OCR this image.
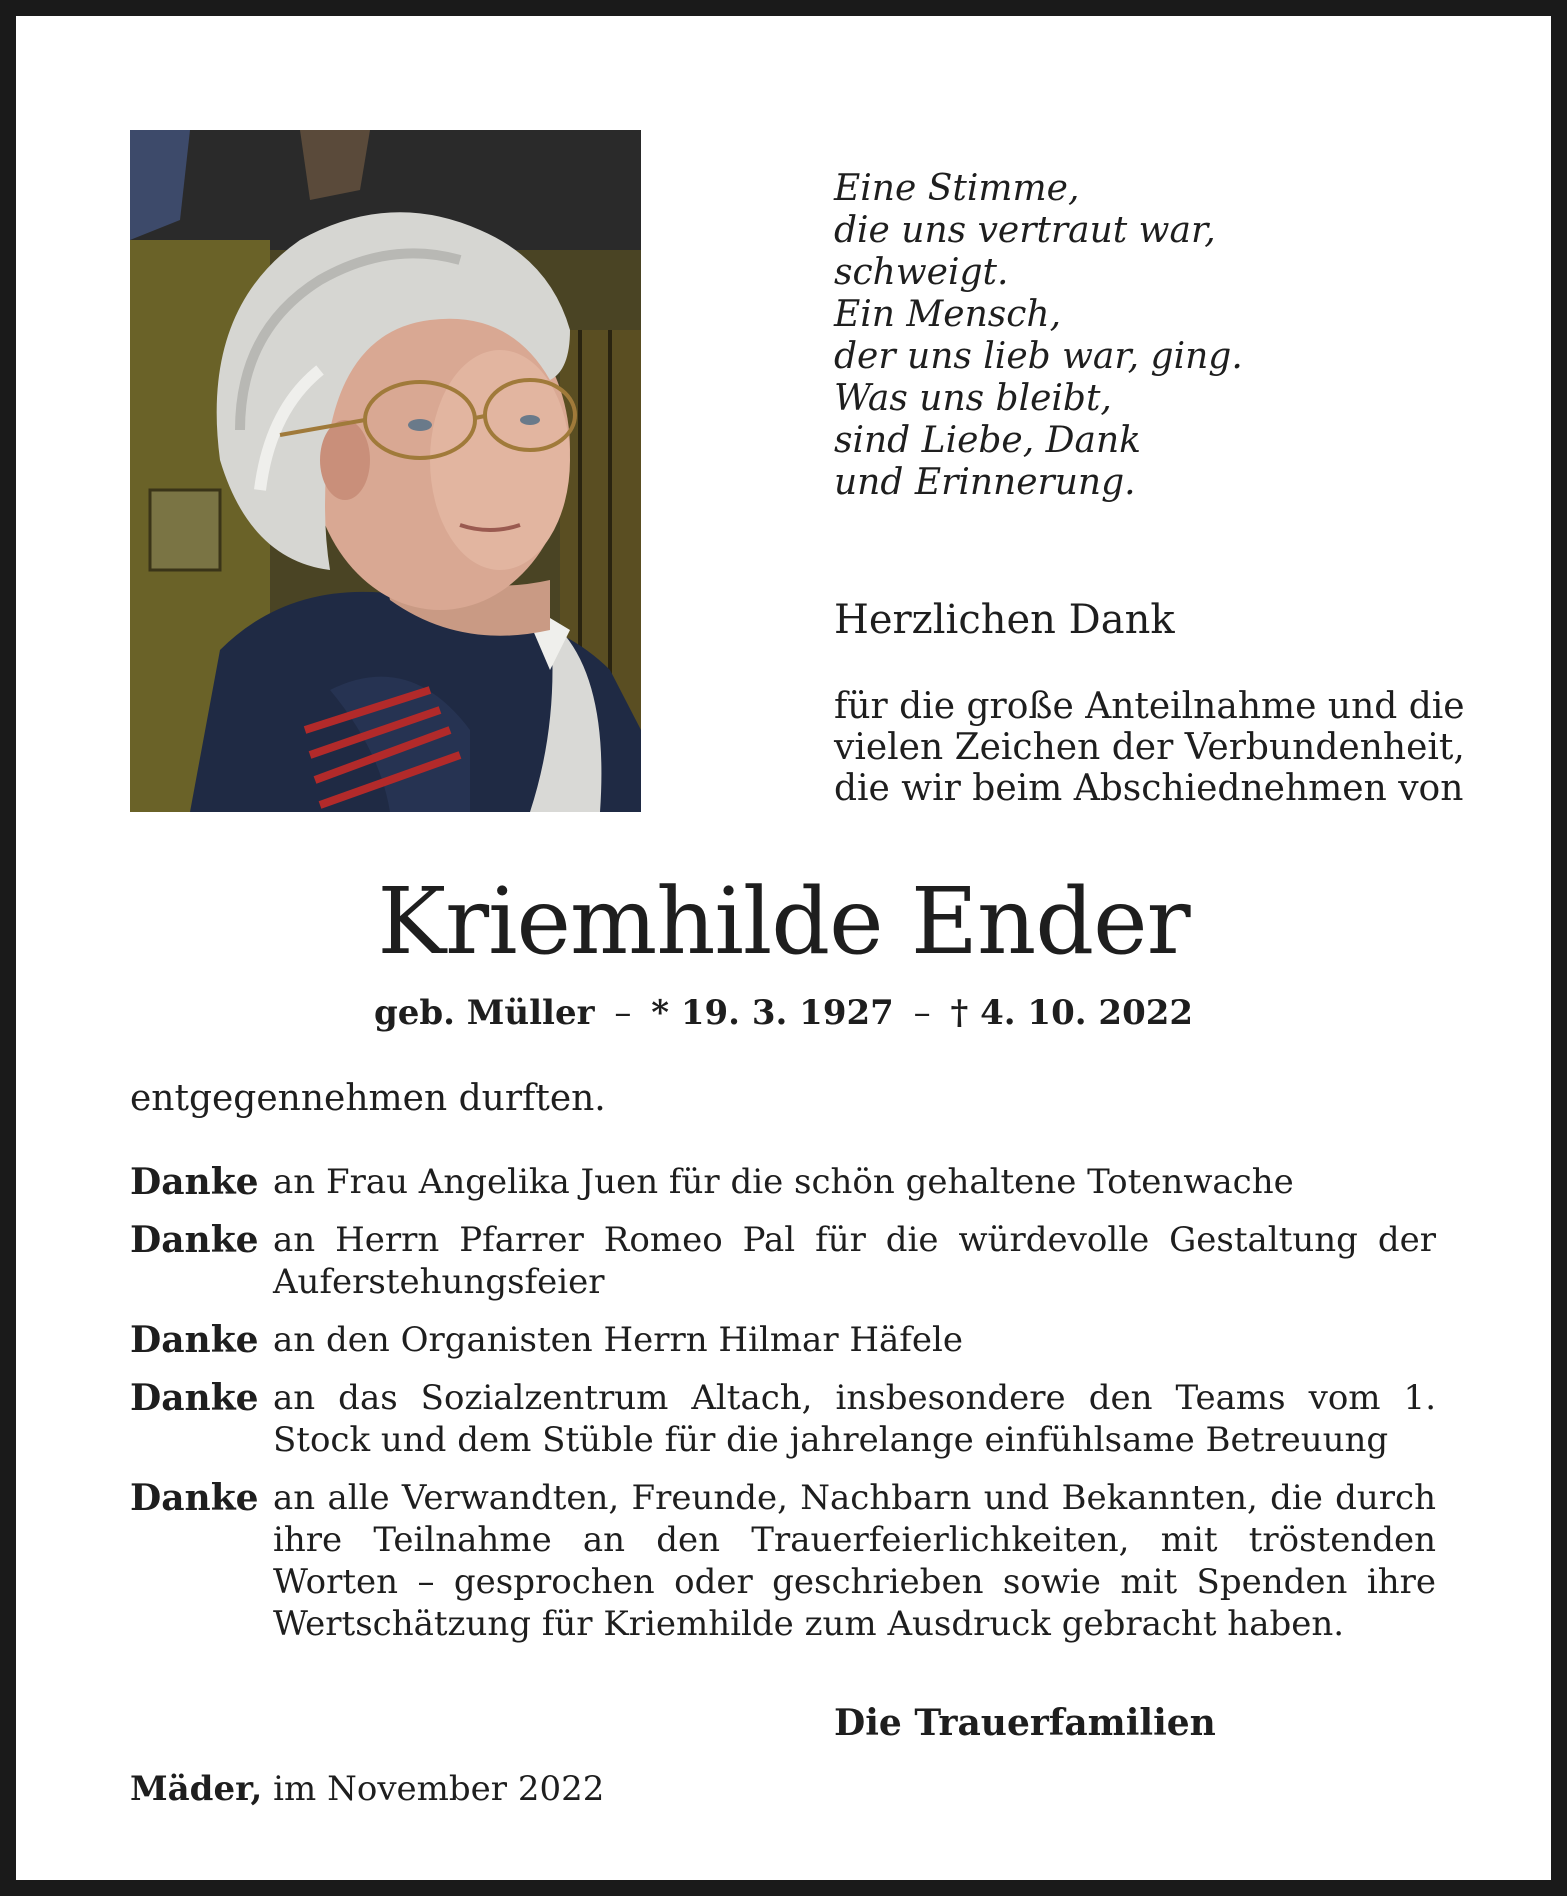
Eine Stimme,
die uns vertraut war,
schweigt.
Ein Mensch,
der uns lieb war, ging.
Was uns bleibt,
sind Liebe, Dank
und Erinnerung.
Herzlichen Dank
für die große Anteilnahme und die
vielen Zeichen der Verbundenheit,
die wir beim Abschiednehmen von
Kriemhilde Ender
geb. Müller – * 19. 3. 1927 – † 4. 10. 2022
entgegennehmen durften.
Danke an Frau Angelika Juen für die schön gehaltene Totenwache
Danke an Herrn Pfarrer Romeo Pal für die würdevolle Gestaltung der Auferstehungsfeier
Danke an den Organisten Herrn Hilmar Häfele
Danke an das Sozialzentrum Altach, insbesondere den Teams vom 1. Stock und dem Stüble für die jahrelange einfühlsame Betreuung
Danke an alle Verwandten, Freunde, Nachbarn und Bekannten, die durch ihre Teilnahme an den Trauerfeierlichkeiten, mit tröstenden Worten – gesprochen oder geschrieben sowie mit Spenden ihre Wertschätzung für Kriemhilde zum Ausdruck gebracht haben.
Die Trauerfamilien
Mäder, im November 2022
